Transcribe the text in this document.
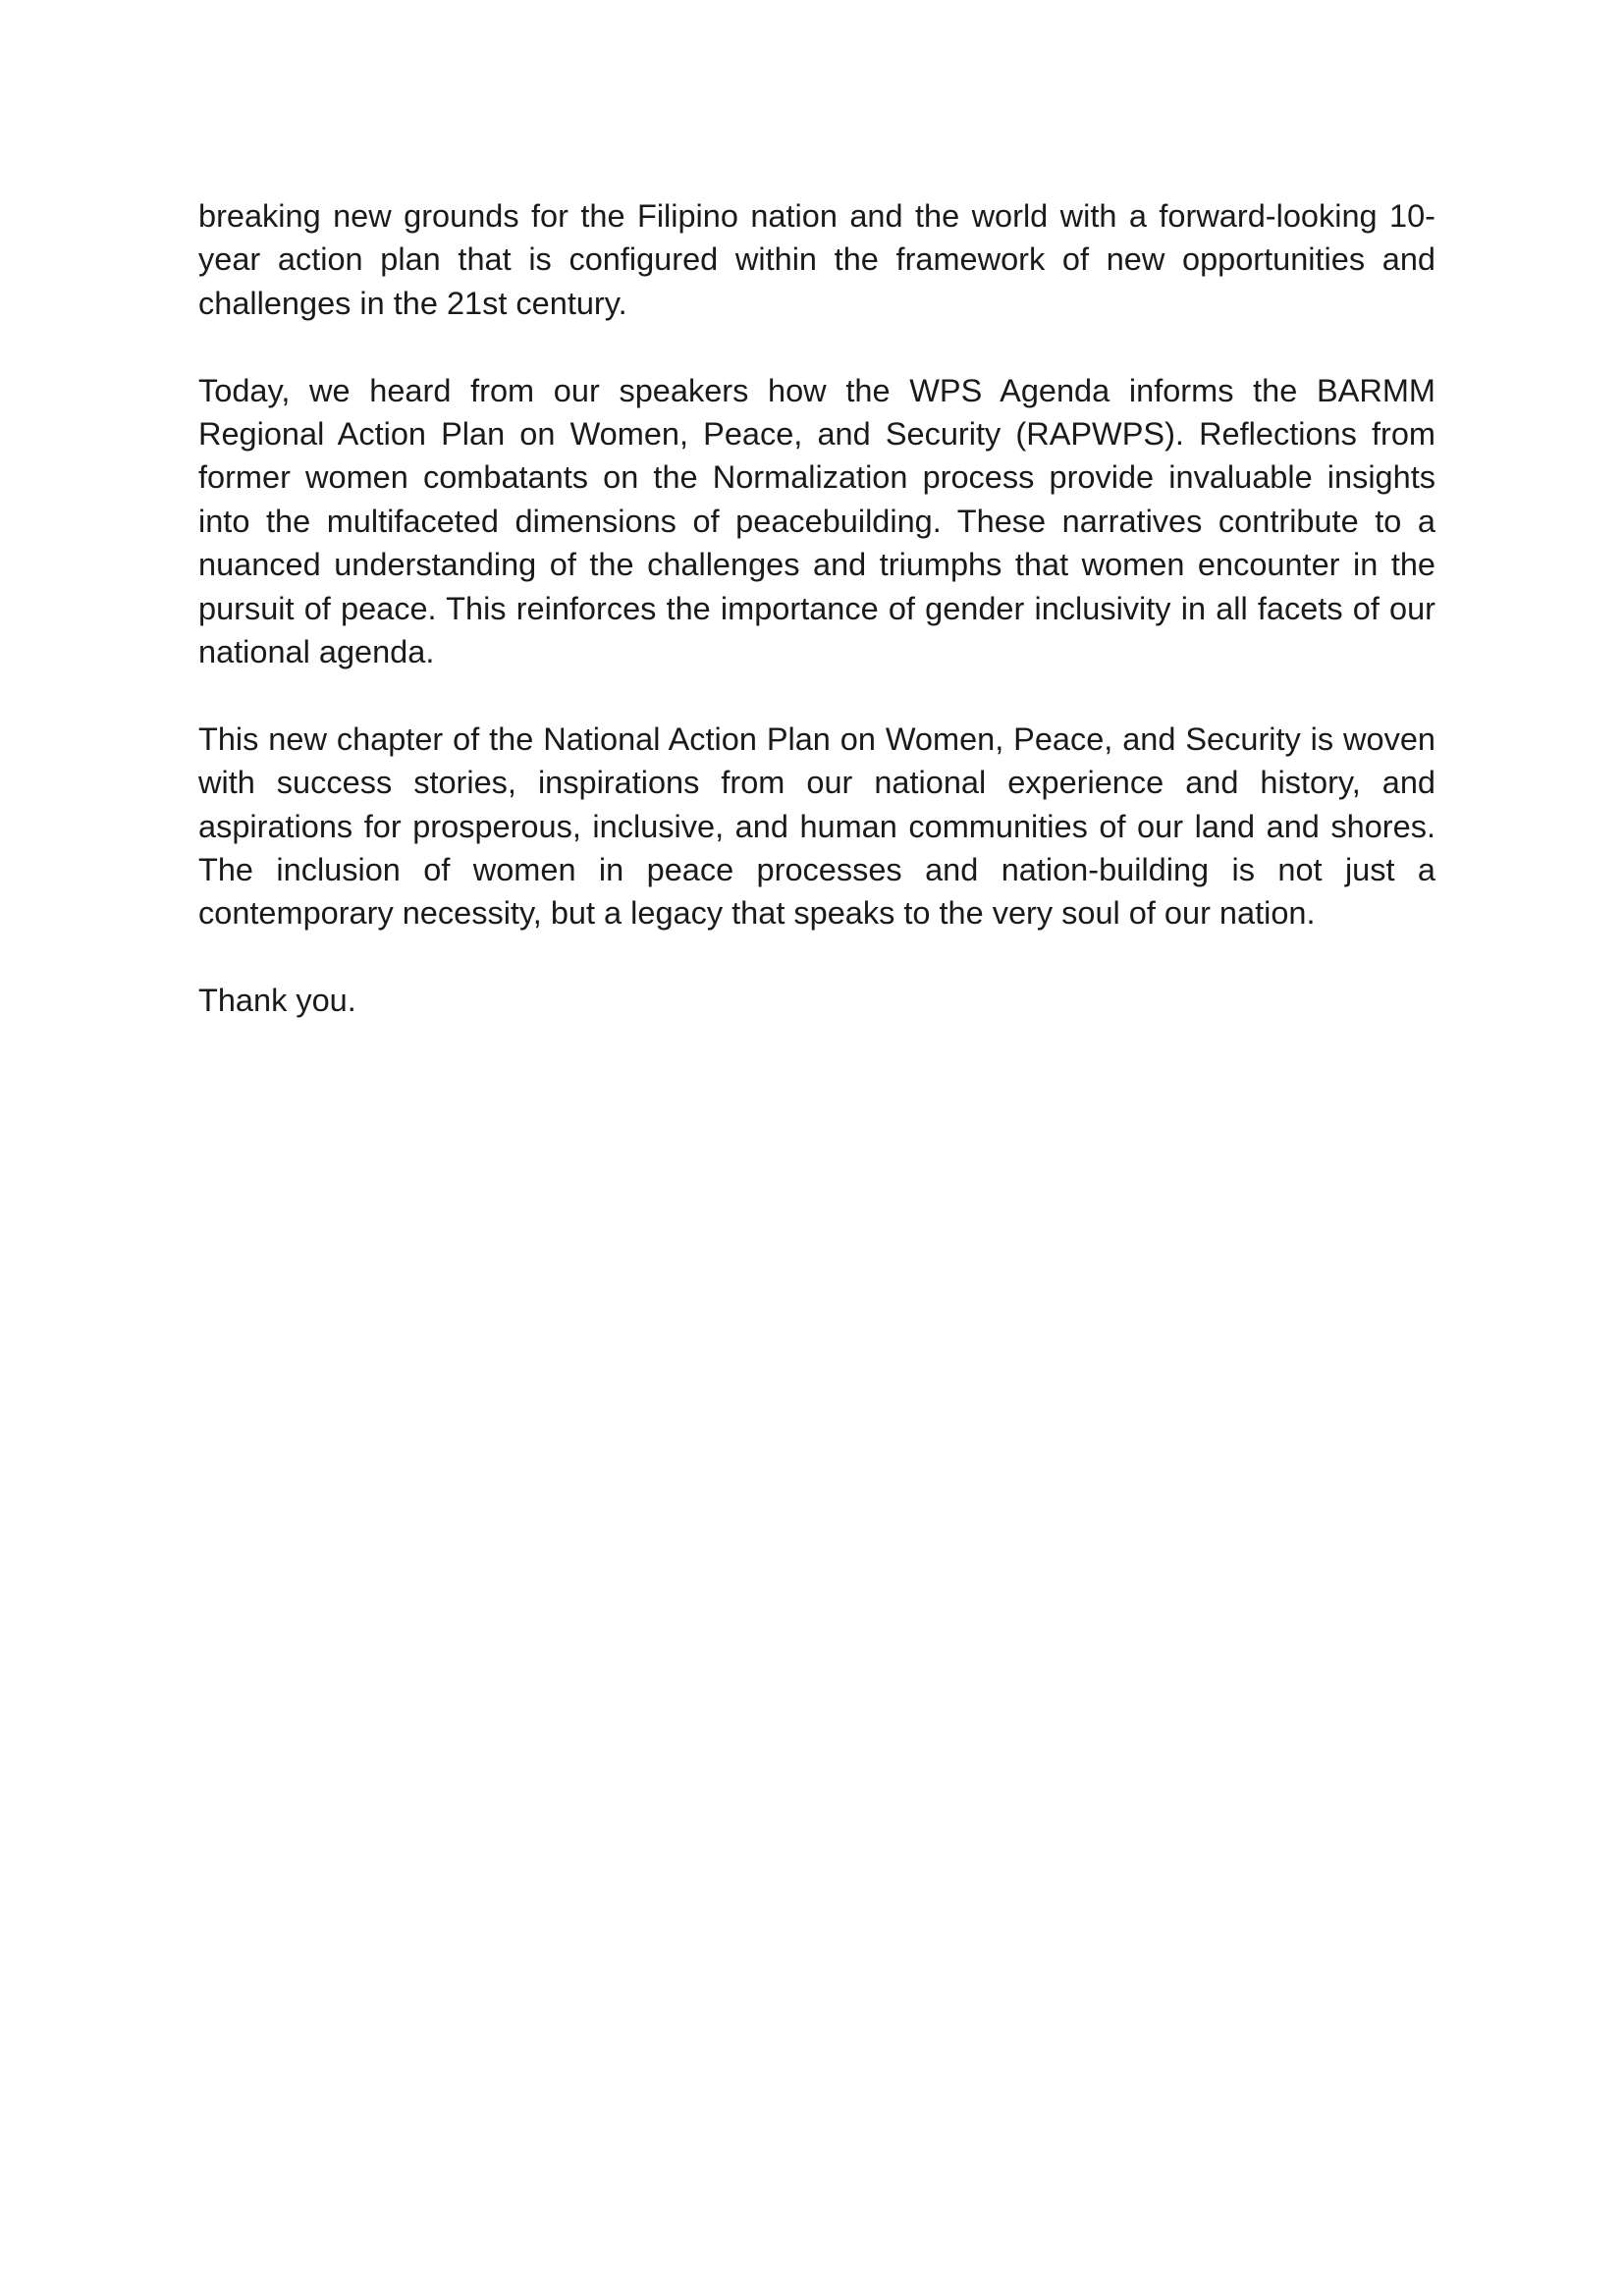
breaking new grounds for the Filipino nation and the world with a forward-looking 10-year action plan that is configured within the framework of new opportunities and challenges in the 21st century.

Today, we heard from our speakers how the WPS Agenda informs the BARMM Regional Action Plan on Women, Peace, and Security (RAPWPS). Reflections from former women combatants on the Normalization process provide invaluable insights into the multifaceted dimensions of peacebuilding. These narratives contribute to a nuanced understanding of the challenges and triumphs that women encounter in the pursuit of peace. This reinforces the importance of gender inclusivity in all facets of our national agenda.

This new chapter of the National Action Plan on Women, Peace, and Security is woven with success stories, inspirations from our national experience and history, and aspirations for prosperous, inclusive, and human communities of our land and shores. The inclusion of women in peace processes and nation-building is not just a contemporary necessity, but a legacy that speaks to the very soul of our nation.

Thank you.
